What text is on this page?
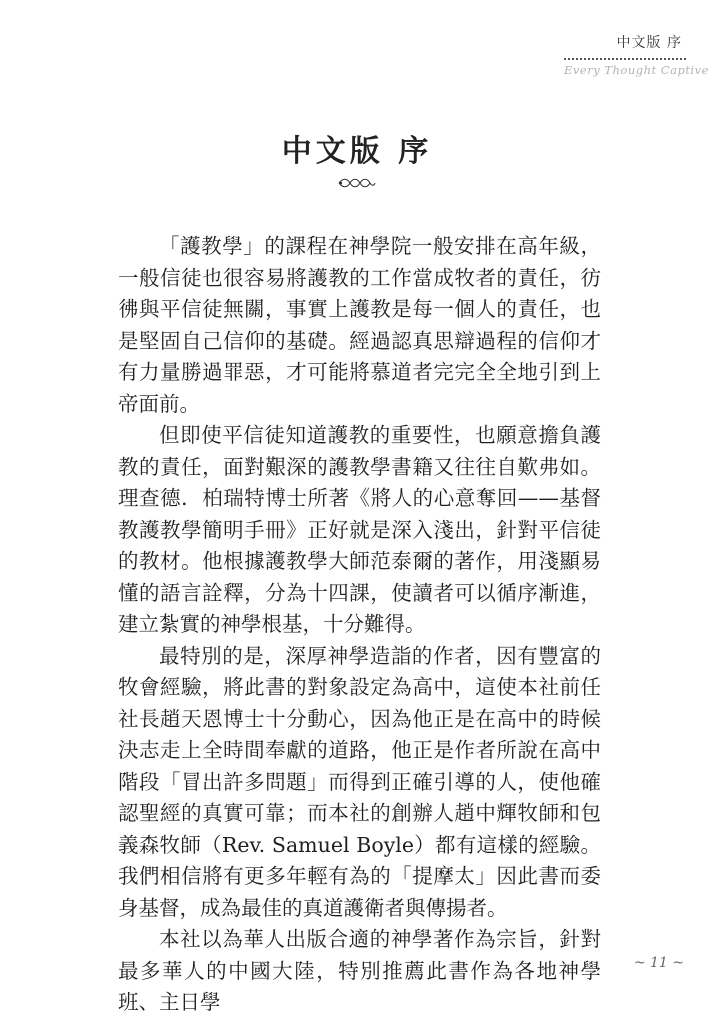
中文版 序
Every Thought Captive
中文版 序

「護教學」的課程在神學院一般安排在高年級，一般信徒也很容易將護教的工作當成牧者的責任，彷彿與平信徒無關，事實上護教是每一個人的責任，也是堅固自己信仰的基礎。經過認真思辯過程的信仰才有力量勝過罪惡，才可能將慕道者完完全全地引到上帝面前。

但即使平信徒知道護教的重要性，也願意擔負護教的責任，面對艱深的護教學書籍又往往自歎弗如。理查德．柏瑞特博士所著《將人的心意奪回——基督教護教學簡明手冊》正好就是深入淺出，針對平信徒的教材。他根據護教學大師范泰爾的著作，用淺顯易懂的語言詮釋，分為十四課，使讀者可以循序漸進，建立紮實的神學根基，十分難得。

最特別的是，深厚神學造詣的作者，因有豐富的牧會經驗，將此書的對象設定為高中，這使本社前任社長趙天恩博士十分動心，因為他正是在高中的時候決志走上全時間奉獻的道路，他正是作者所說在高中階段「冒出許多問題」而得到正確引導的人，使他確認聖經的真實可靠；而本社的創辦人趙中輝牧師和包義森牧師（Rev. Samuel Boyle）都有這樣的經驗。我們相信將有更多年輕有為的「提摩太」因此書而委身基督，成為最佳的真道護衛者與傳揚者。

本社以為華人出版合適的神學著作為宗旨，針對最多華人的中國大陸，特別推薦此書作為各地神學班、主日學

~ 11 ~
